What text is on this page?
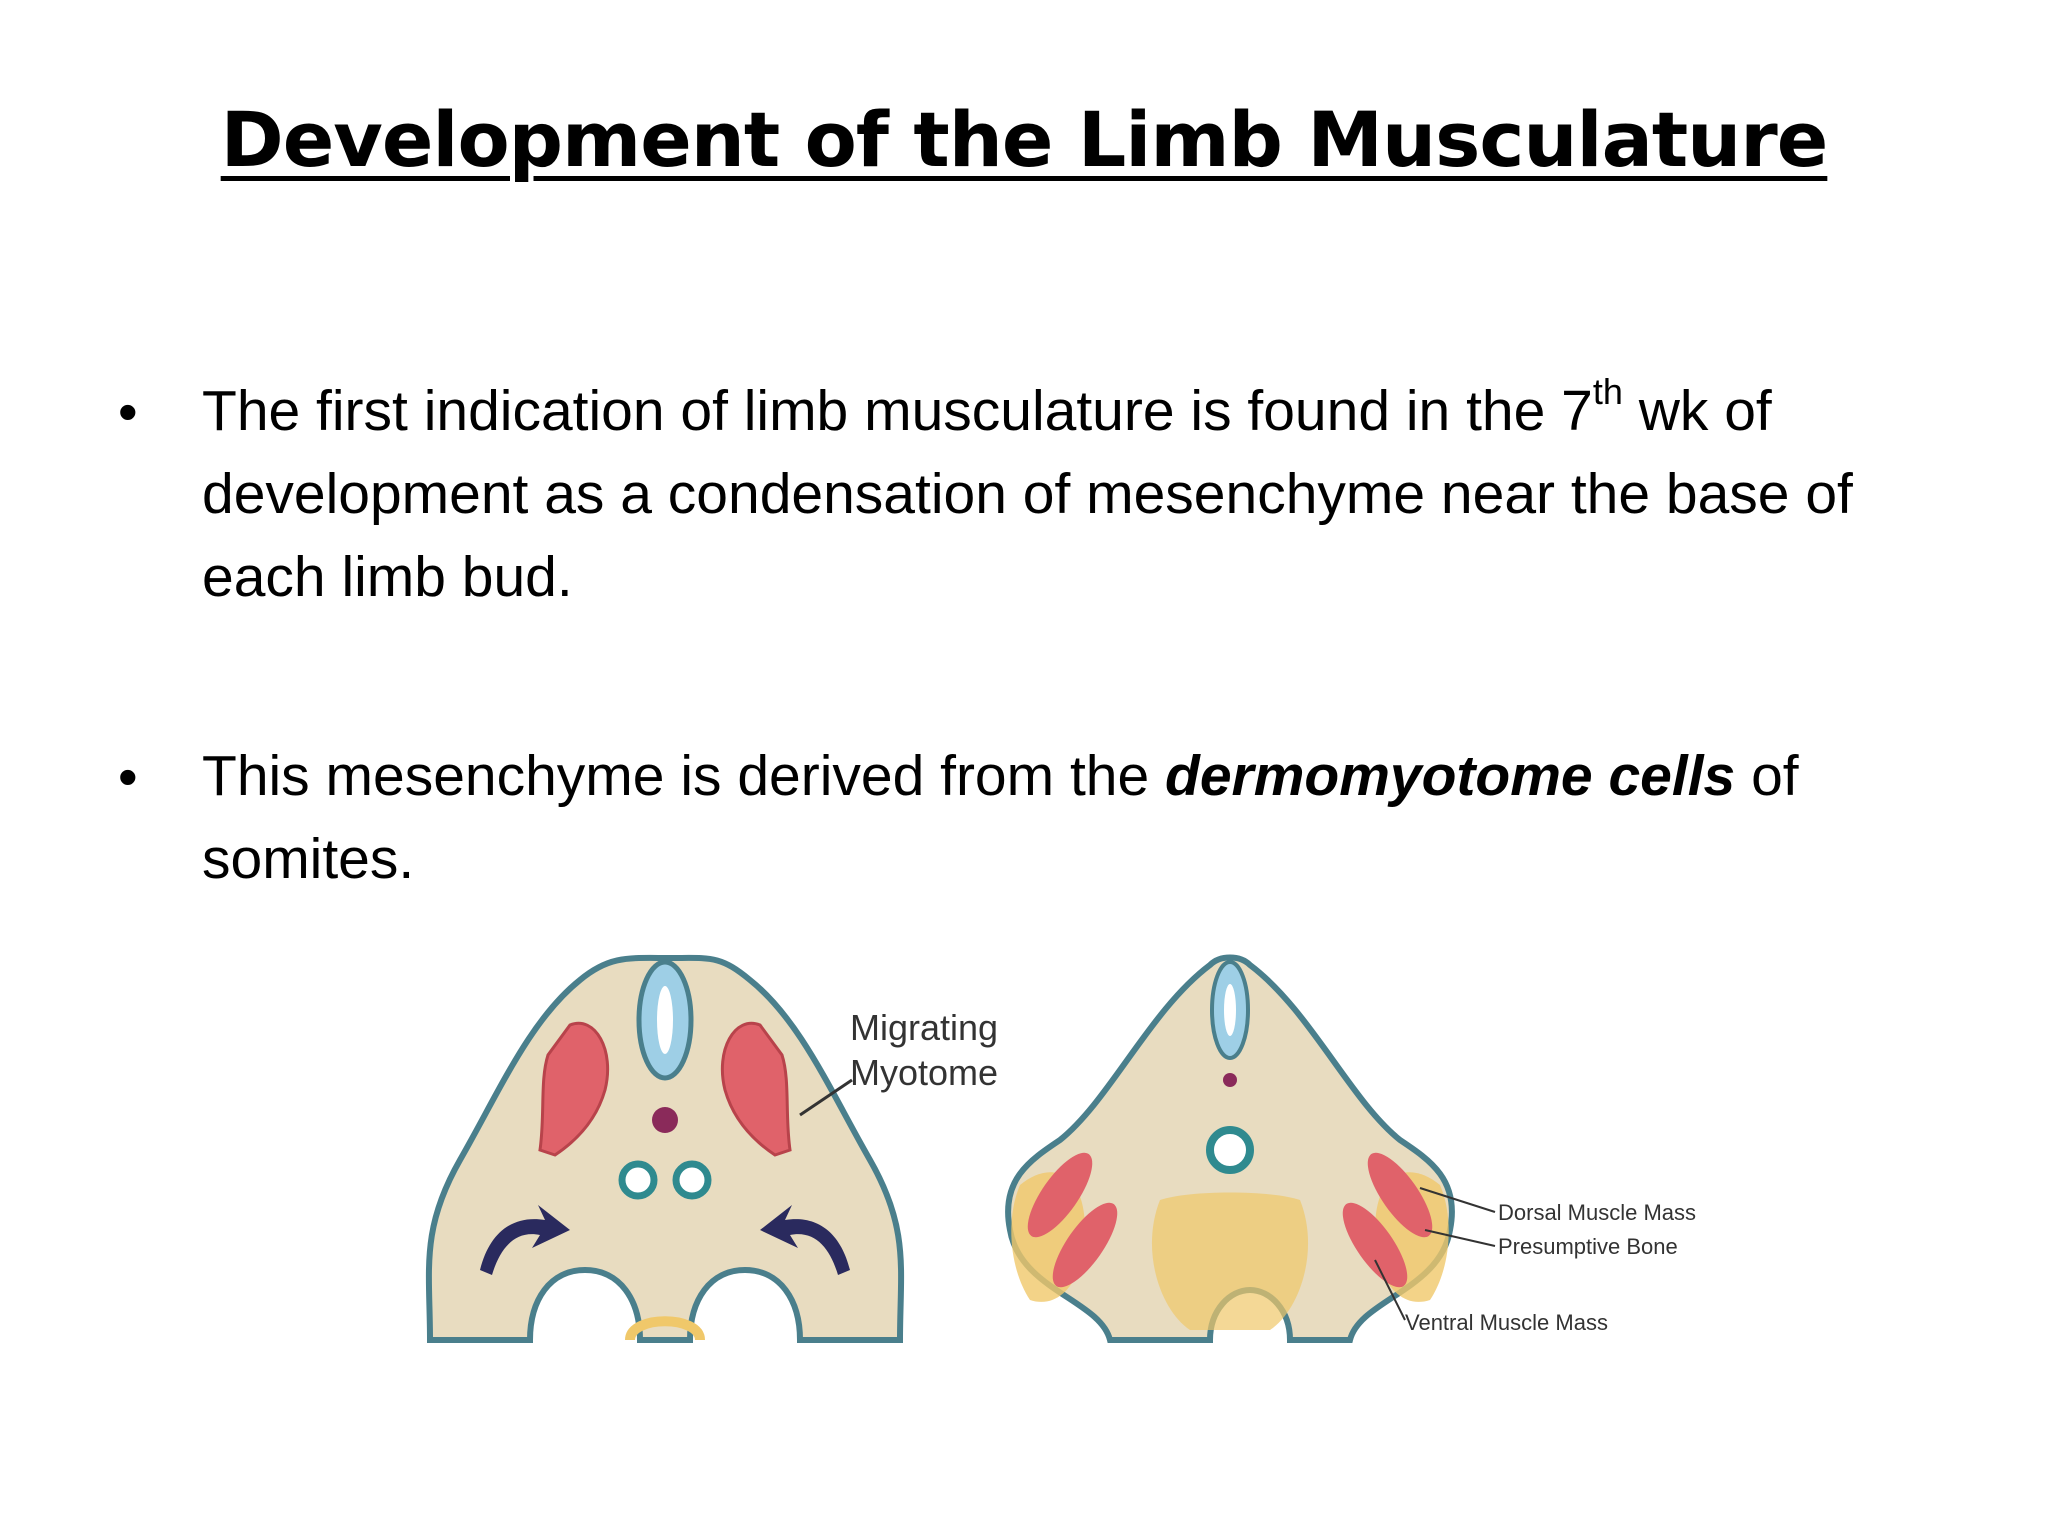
Development of the Limb Musculature
• The first indication of limb musculature is found in the 7th wk of development as a condensation of mesenchyme near the base of each limb bud.
• This mesenchyme is derived from the dermomyotome cells of somites.
Migrating
Myotome
Dorsal Muscle Mass
Presumptive Bone
Ventral Muscle Mass
